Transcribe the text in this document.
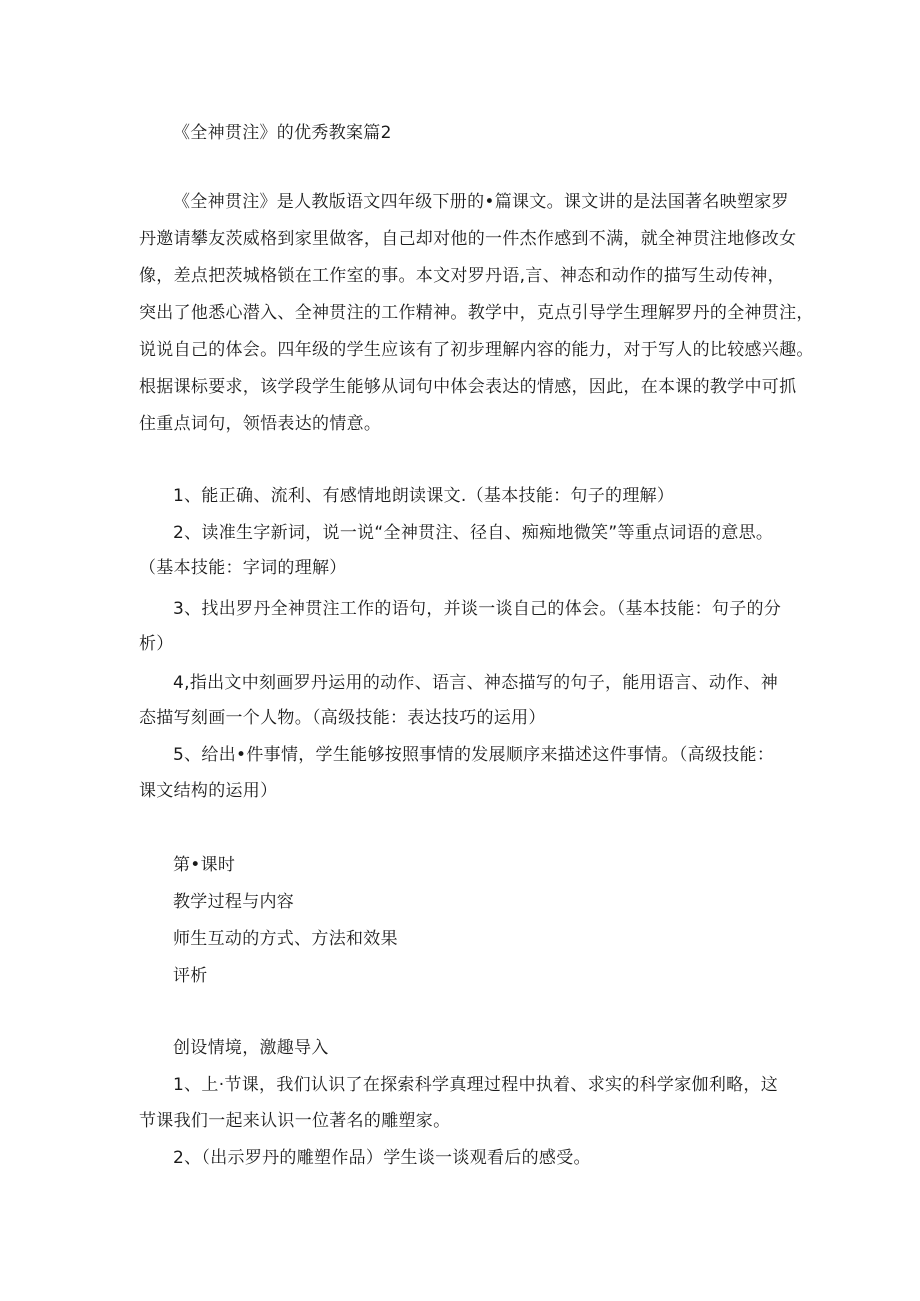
《全神贯注》的优秀教案篇2
《全神贯注》是人教版语文四年级下册的•篇课文。课文讲的是法国著名映塑家罗
丹邀请攀友茨威格到家里做客，自己却对他的一件杰作感到不满，就全神贯注地修改女
像，差点把茨城格锁在工作室的事。本文对罗丹语,言、神态和动作的描写生动传神，
突出了他悉心潜入、全神贯注的工作精神。教学中，克点引导学生理解罗丹的全神贯注，
说说自己的体会。四年级的学生应该有了初步理解内容的能力，对于写人的比较感兴趣。
根据课标要求，该学段学生能够从词句中体会表达的情感，因此，在本课的教学中可抓
住重点词句，领悟表达的情意。
1、能正确、流利、有感情地朗读课文.（基本技能：句子的理解）
2、读准生字新词，说一说“全神贯注、径自、痴痴地微笑”等重点词语的意思。
（基本技能：字词的理解）
3、找出罗丹全神贯注工作的语句，并谈一谈自己的体会。（基本技能：句子的分
析）
4,指出文中刻画罗丹运用的动作、语言、神态描写的句子，能用语言、动作、神
态描写刻画一个人物。（高级技能：表达技巧的运用）
5、给出•件事情，学生能够按照事情的发展顺序来描述这件事情。（高级技能：
课文结构的运用）
第•课时
教学过程与内容
师生互动的方式、方法和效果
评析
创设情境，激趣导入
1、上·节课，我们认识了在探索科学真理过程中执着、求实的科学家伽利略，这
节课我们一起来认识一位著名的雕塑家。
2、（出示罗丹的雕塑作品）学生谈一谈观看后的感受。
